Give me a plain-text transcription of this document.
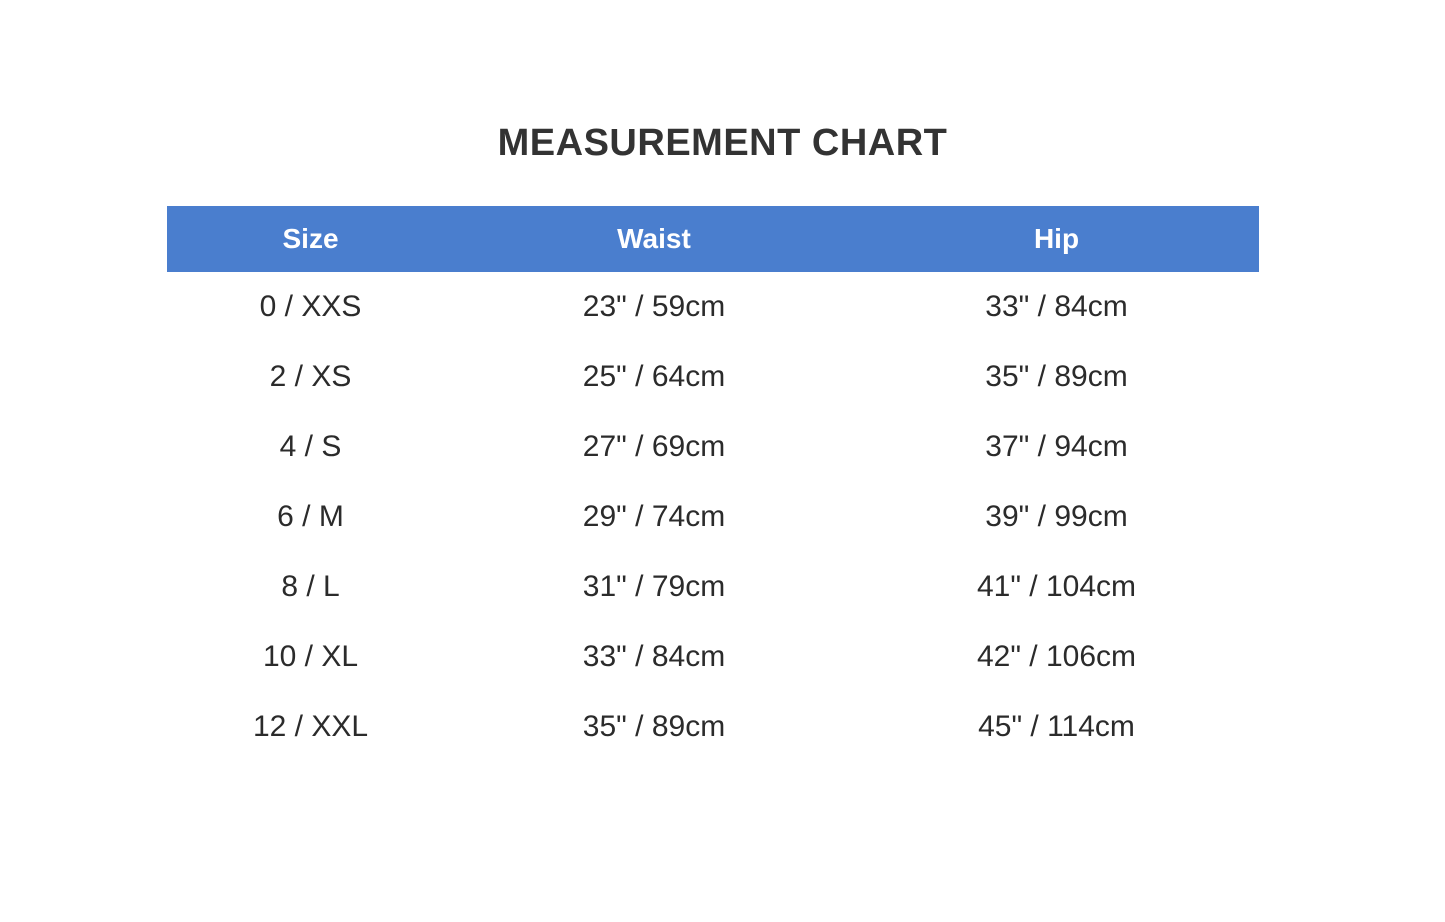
MEASUREMENT CHART
Size	Waist	Hip
0 / XXS	23" / 59cm	33" / 84cm
2 / XS	25" / 64cm	35" / 89cm
4 / S	27" / 69cm	37" / 94cm
6 / M	29" / 74cm	39" / 99cm
8 / L	31" / 79cm	41" / 104cm
10 / XL	33" / 84cm	42" / 106cm
12 / XXL	35" / 89cm	45" / 114cm
